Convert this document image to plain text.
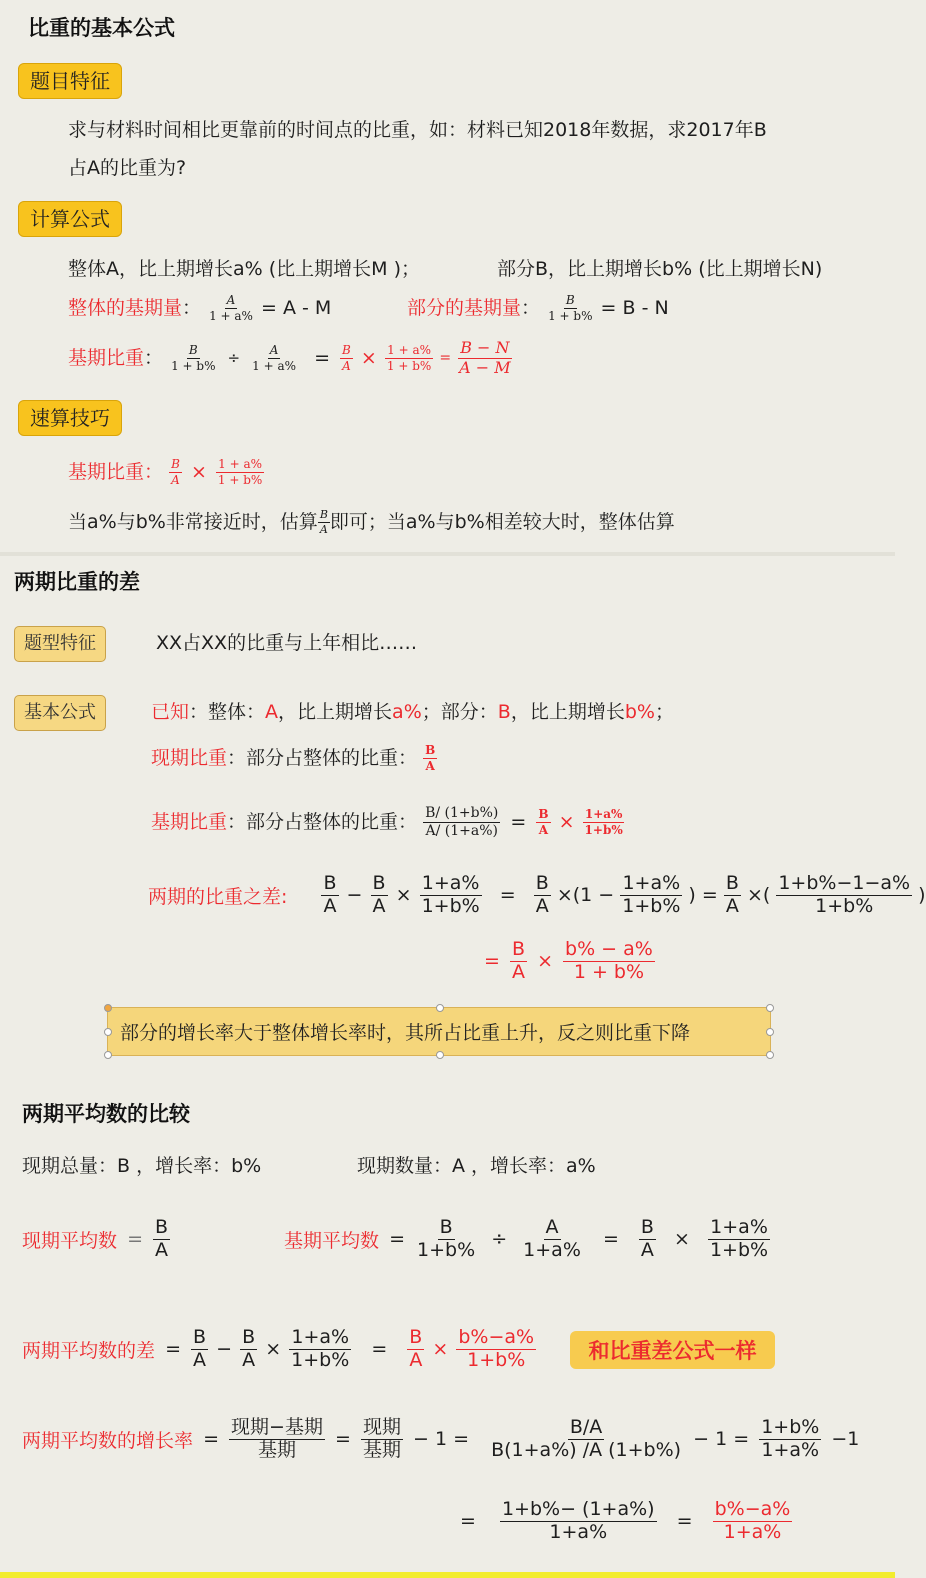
比重的基本公式
题目特征
求与材料时间相比更靠前的时间点的比重，如：材料已知2018年数据，求2017年B
占A的比重为?
计算公式
整体A，比上期增长a% (比上期增长M )；	部分B，比上期增长b% (比上期增长N)
整体的基期量： $\frac{A}{1 + a\%} = A - M$	部分的基期量： $\frac{B}{1 + b\%} = B - N$
基期比重： $\frac{B}{1 + b\%} \div \frac{A}{1 + a\%} = \frac{B}{A} \times \frac{1 + a\%}{1 + b\%} = \frac{B - N}{A - M}$
速算技巧
基期比重： $\frac{B}{A} \times \frac{1 + a\%}{1 + b\%}$
当a%与b%非常接近时，估算 $\frac{B}{A}$ 即可；当a%与b%相差较大时，整体估算
两期比重的差
题型特征	XX占XX的比重与上年相比……
基本公式	已知：整体：A，比上期增长a%；部分：B，比上期增长b%；
现期比重：部分占整体的比重： $\frac{B}{A}$
基期比重：部分占整体的比重： $\frac{B/ (1+b\%)}{A/ (1+a\%)} = \frac{B}{A} \times \frac{1+a\%}{1+b\%}$
两期的比重之差: $\frac{B}{A} - \frac{B}{A} \times \frac{1+a\%}{1+b\%} = \frac{B}{A} \times(1 - \frac{1+a\%}{1+b\%}$ ) = $\frac{B}{A}$ ×( $\frac{1+b\%-1-a\%}{1+b\%}$ )
= $\frac{B}{A} \times \frac{b\% - a\%}{1 + b\%}$
部分的增长率大于整体增长率时，其所占比重上升，反之则比重下降
两期平均数的比较
现期总量：B ，增长率：b%	现期数量：A ，增长率：a%
现期平均数 = $\frac{B}{A}$	基期平均数 = $\frac{B}{1+b\%} \div \frac{A}{1+a\%} = \frac{B}{A} \times \frac{1+a\%}{1+b\%}$
两期平均数的差 = $\frac{B}{A} - \frac{B}{A} \times \frac{1+a\%}{1+b\%} = \frac{B}{A} \times \frac{b\%-a\%}{1+b\%}$	和比重差公式一样
两期平均数的增长率 = $\frac{\text{现期−基期}}{\text{基期}} = \frac{\text{现期}}{\text{基期}} - 1 = \frac{B/A}{B(1+a\%) /A (1+b\%)} - 1 = \frac{1+b\%}{1+a\%} -1$
= $\frac{1+b\%- (1+a\%)}{1+a\%} = \frac{b\%-a\%}{1+a\%}$
